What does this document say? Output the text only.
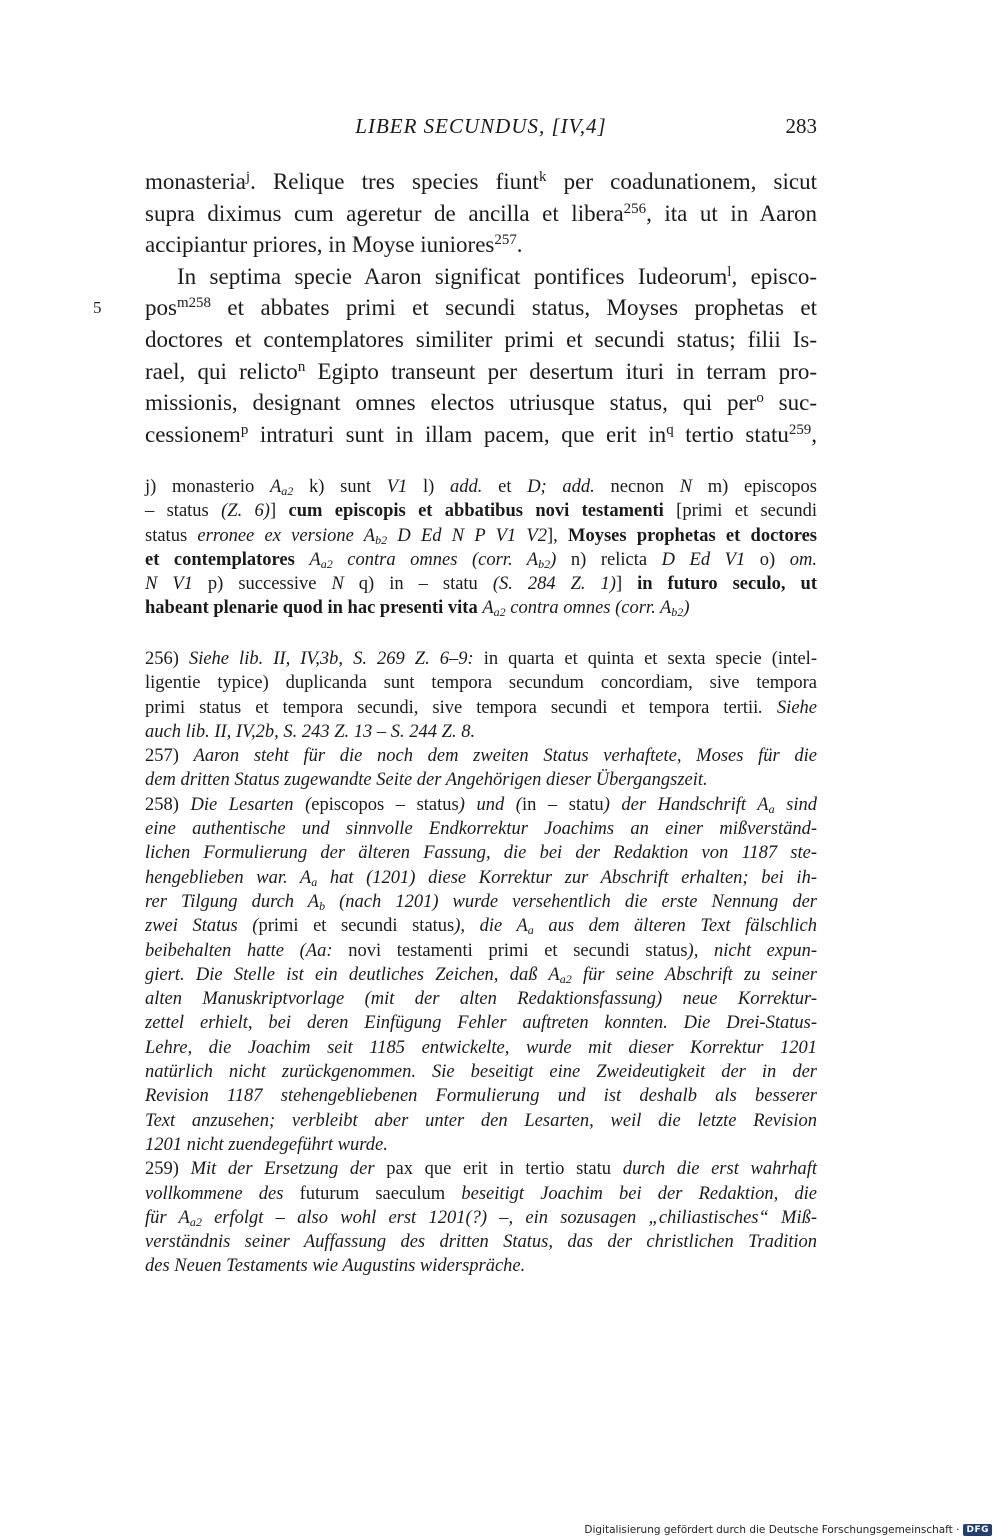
LIBER SECUNDUS, [IV,4]	283
5
monasteria$^j$. Relique tres species fiunt$^k$ per coadunationem, sicut
supra diximus cum ageretur de ancilla et libera$^{256}$, ita ut in Aaron
accipiantur priores, in Moyse iuniores$^{257}$.
In septima specie Aaron significat pontifices Iudeorum$^l$, episco-
pos$^{m258}$ et abbates primi et secundi status, Moyses prophetas et
doctores et contemplatores similiter primi et secundi status; filii Is-
rael, qui relicto$^n$ Egipto transeunt per desertum ituri in terram pro-
missionis, designant omnes electos utriusque status, qui per$^o$ suc-
cessionem$^p$ intraturi sunt in illam pacem, que erit $in^q$ tertio statu$^{259}$,
j) monasterio Aa2 k) sunt V1 l) add. et D; add. necnon N m) episcopos
– status (Z. 6)] cum episcopis et abbatibus novi testamenti [primi et secundi
status erronee ex versione Ab2 D Ed N P V1 V2], Moyses prophetas et doctores
et contemplatores Aa2 contra omnes (corr. Ab2) n) relicta D Ed V1 o) om.
N V1 p) successive N q) in – statu (S. 284 Z. 1)] in futuro seculo, ut
habeant plenarie quod in hac presenti vita Aa2 contra omnes (corr. Ab2)
256) Siehe lib. II, IV,3b, S. 269 Z. 6–9: in quarta et quinta et sexta specie (intel-
ligentie typice) duplicanda sunt tempora secundum concordiam, sive tempora
primi status et tempora secundi, sive tempora secundi et tempora tertii. Siehe
auch lib. II, IV,2b, S. 243 Z. 13 – S. 244 Z. 8.
257) Aaron steht für die noch dem zweiten Status verhaftete, Moses für die
dem dritten Status zugewandte Seite der Angehörigen dieser Übergangszeit.
258) Die Lesarten (episcopos – status) und (in – statu) der Handschrift Aa sind
eine authentische und sinnvolle Endkorrektur Joachims an einer mißverständ-
lichen Formulierung der älteren Fassung, die bei der Redaktion von 1187 ste-
hengeblieben war. Aa hat (1201) diese Korrektur zur Abschrift erhalten; bei ih-
rer Tilgung durch Ab (nach 1201) wurde versehentlich die erste Nennung der
zwei Status (primi et secundi status), die Aa aus dem älteren Text fälschlich
beibehalten hatte (Aa: novi testamenti primi et secundi status), nicht expun-
giert. Die Stelle ist ein deutliches Zeichen, daß Aa2 für seine Abschrift zu seiner
alten Manuskriptvorlage (mit der alten Redaktionsfassung) neue Korrektur-
zettel erhielt, bei deren Einfügung Fehler auftreten konnten. Die Drei-Status-
Lehre, die Joachim seit 1185 entwickelte, wurde mit dieser Korrektur 1201
natürlich nicht zurückgenommen. Sie beseitigt eine Zweideutigkeit der in der
Revision 1187 stehengebliebenen Formulierung und ist deshalb als besserer
Text anzusehen; verbleibt aber unter den Lesarten, weil die letzte Revision
1201 nicht zuendegeführt wurde.
259) Mit der Ersetzung der pax que erit in tertio statu durch die erst wahrhaft
vollkommene des futurum saeculum beseitigt Joachim bei der Redaktion, die
für Aa2 erfolgt – also wohl erst 1201(?) –, ein sozusagen „chiliastisches“ Miß-
verständnis seiner Auffassung des dritten Status, das der christlichen Tradition
des Neuen Testaments wie Augustins widerspräche.
Digitalisierung gefördert durch die Deutsche Forschungsgemeinschaft · DFG
